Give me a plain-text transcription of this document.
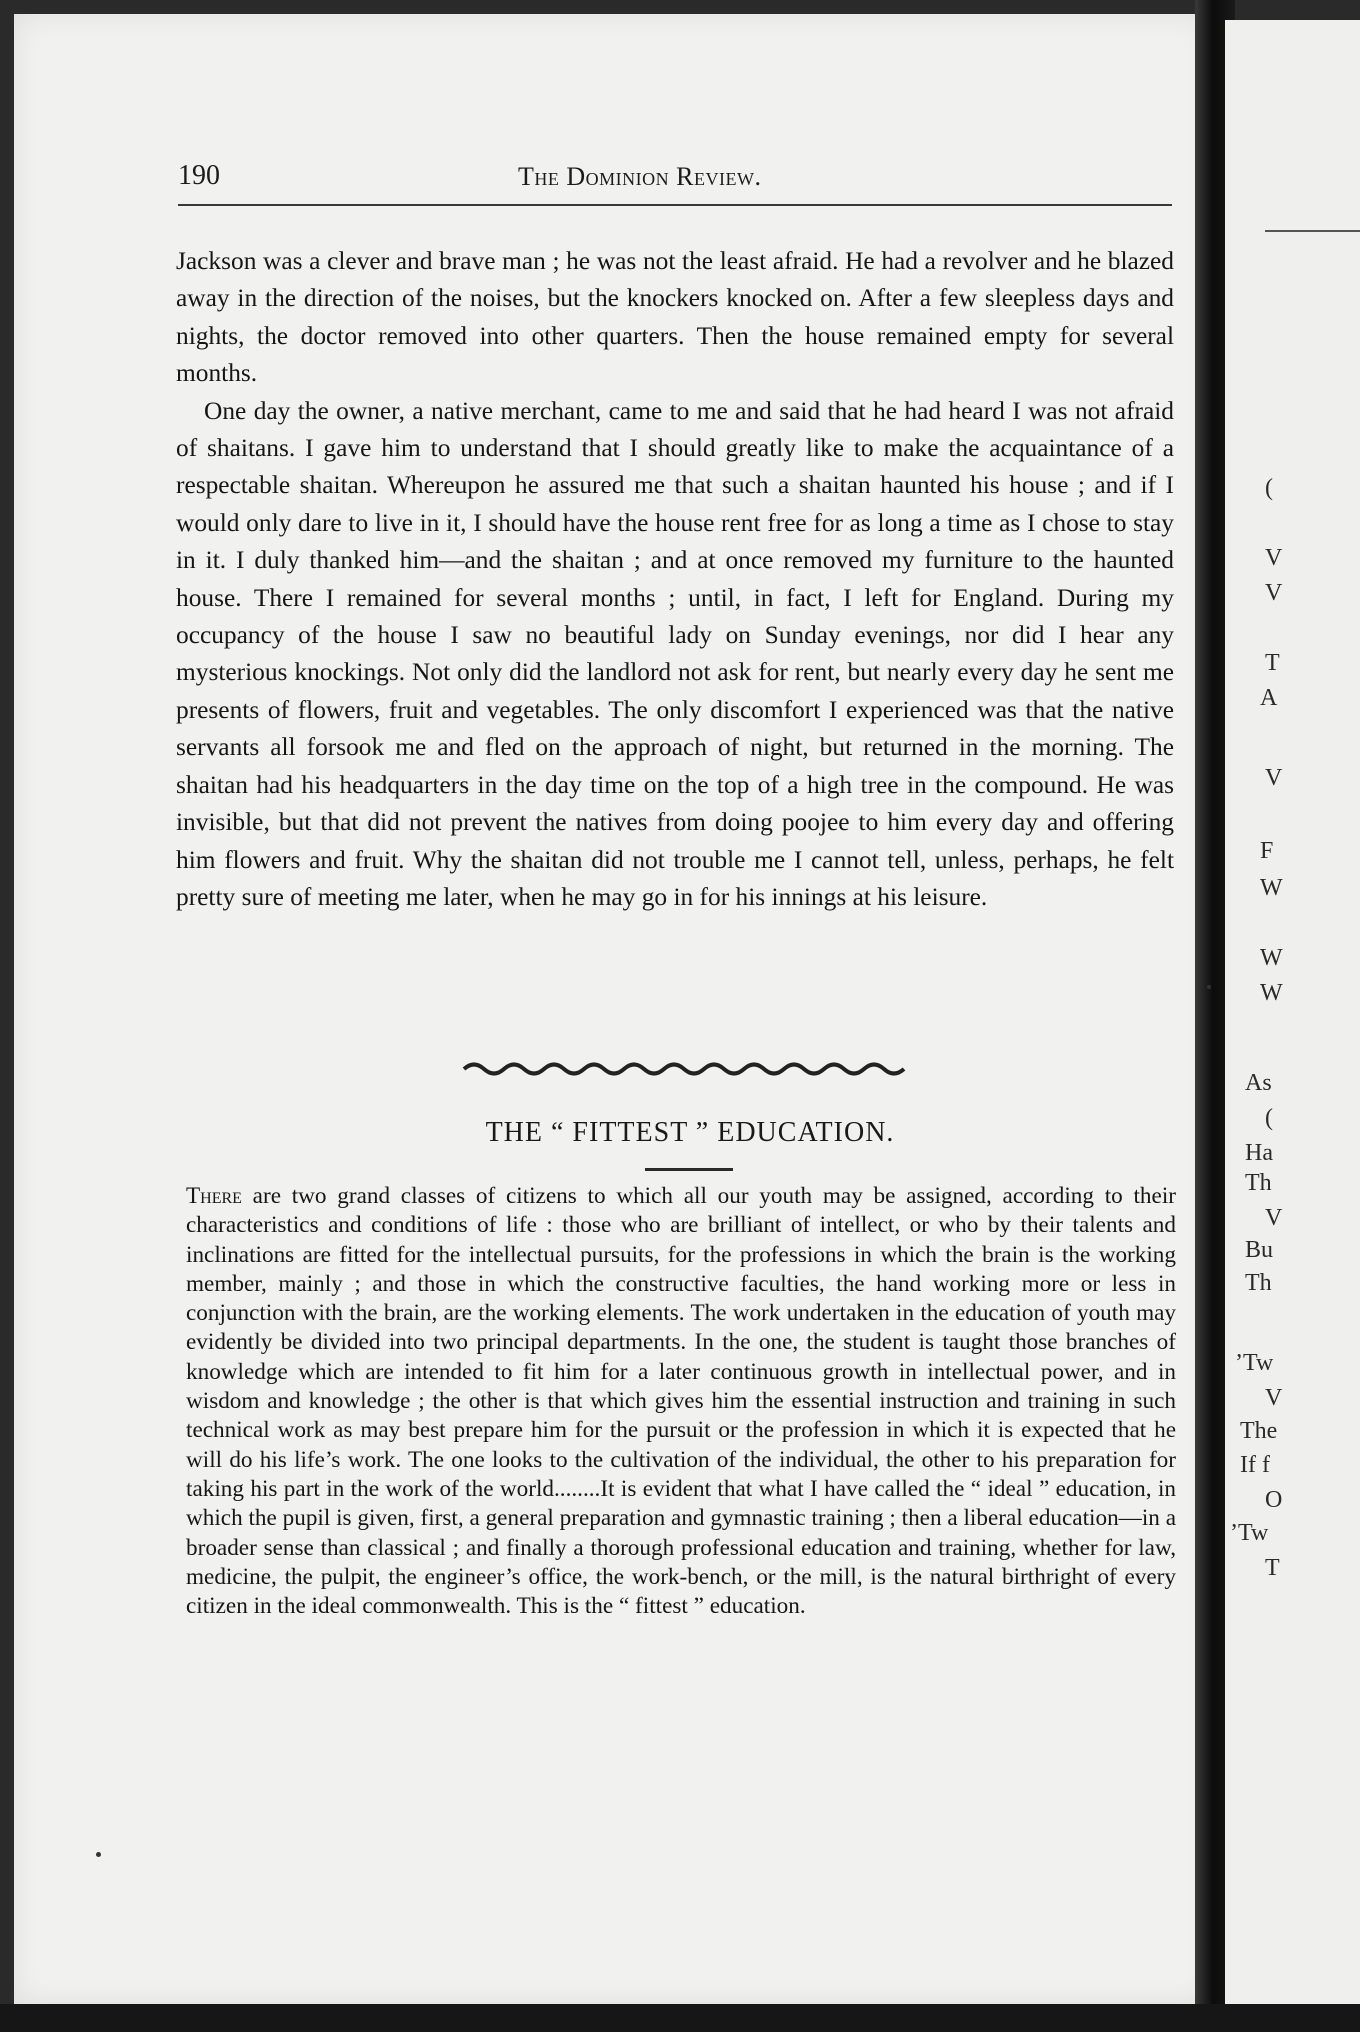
(
V
V
T
A
V
F
W
W
W
As
(
Ha
Th
V
Bu
Th
’Tw
V
The
If f
O
’Tw
T
190	The Dominion Review.

Jackson was a clever and brave man ; he was not the least afraid. He had a revolver and he blazed away in the direction of the noises, but the knockers knocked on. After a few sleepless days and nights, the doctor removed into other quarters. Then the house remained empty for several months.

One day the owner, a native merchant, came to me and said that he had heard I was not afraid of shaitans. I gave him to understand that I should greatly like to make the acquaintance of a respectable shaitan. Whereupon he assured me that such a shaitan haunted his house ; and if I would only dare to live in it, I should have the house rent free for as long a time as I chose to stay in it. I duly thanked him—and the shaitan ; and at once removed my furniture to the haunted house. There I remained for several months ; until, in fact, I left for England. During my occupancy of the house I saw no beautiful lady on Sunday evenings, nor did I hear any mysterious knockings. Not only did the landlord not ask for rent, but nearly every day he sent me presents of flowers, fruit and vegetables. The only discomfort I experienced was that the native servants all forsook me and fled on the approach of night, but returned in the morning. The shaitan had his headquarters in the day time on the top of a high tree in the compound. He was invisible, but that did not prevent the natives from doing poojee to him every day and offering him flowers and fruit. Why the shaitan did not trouble me I cannot tell, unless, perhaps, he felt pretty sure of meeting me later, when he may go in for his innings at his leisure.

THE “ FITTEST ” EDUCATION.

There are two grand classes of citizens to which all our youth may be assigned, according to their characteristics and conditions of life : those who are brilliant of intellect, or who by their talents and inclinations are fitted for the intellectual pursuits, for the professions in which the brain is the working member, mainly ; and those in which the constructive faculties, the hand working more or less in conjunction with the brain, are the working elements. The work undertaken in the education of youth may evidently be divided into two principal departments. In the one, the student is taught those branches of knowledge which are intended to fit him for a later continuous growth in intellectual power, and in wisdom and knowledge ; the other is that which gives him the essential instruction and training in such technical work as may best prepare him for the pursuit or the profession in which it is expected that he will do his life’s work. The one looks to the cultivation of the individual, the other to his preparation for taking his part in the work of the world........It is evident that what I have called the “ ideal ” education, in which the pupil is given, first, a general preparation and gymnastic training ; then a liberal education—in a broader sense than classical ; and finally a thorough professional education and training, whether for law, medicine, the pulpit, the engineer’s office, the work-bench, or the mill, is the natural birthright of every citizen in the ideal commonwealth. This is the “ fittest ” education.
